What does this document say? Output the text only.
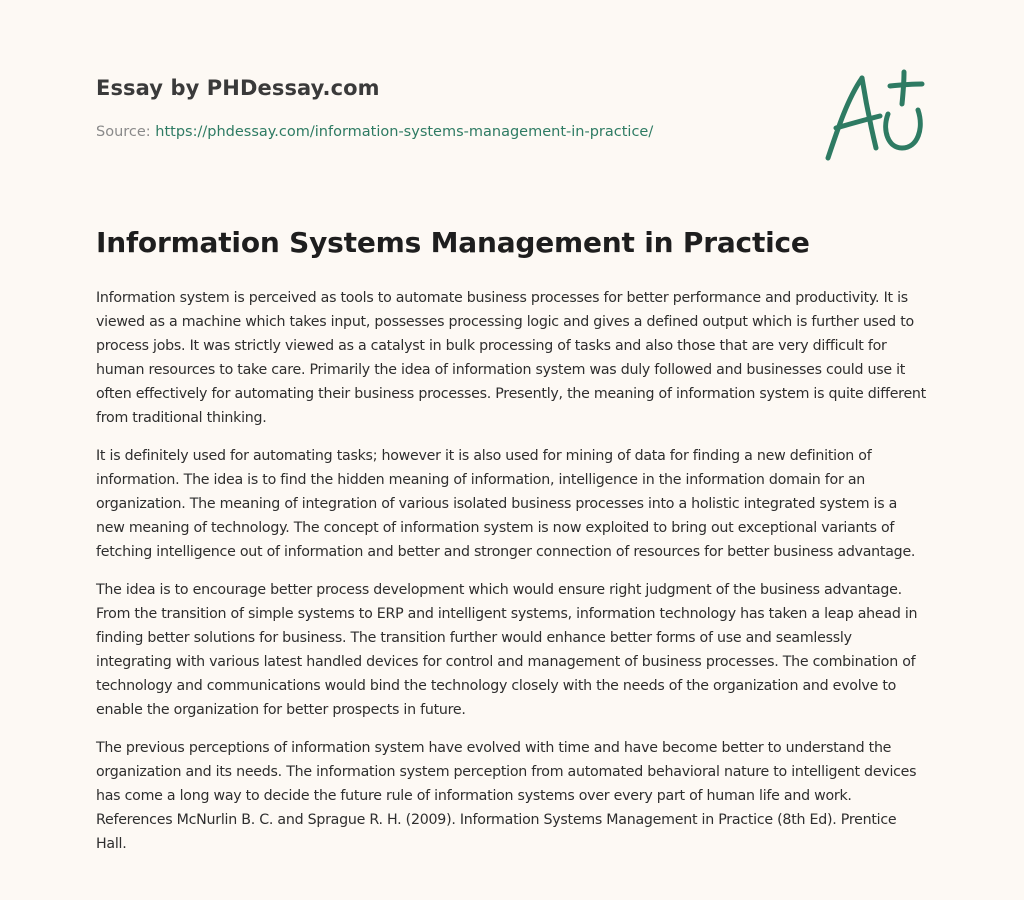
Essay by PHDessay.com
Source: https://phdessay.com/information-systems-management-in-practice/
Information Systems Management in Practice

Information system is perceived as tools to automate business processes for better performance and productivity. It is viewed as a machine which takes input, possesses processing logic and gives a defined output which is further used to process jobs. It was strictly viewed as a catalyst in bulk processing of tasks and also those that are very difficult for human resources to take care. Primarily the idea of information system was duly followed and businesses could use it often effectively for automating their business processes. Presently, the meaning of information system is quite different from traditional thinking.

It is definitely used for automating tasks; however it is also used for mining of data for finding a new definition of information. The idea is to find the hidden meaning of information, intelligence in the information domain for an organization. The meaning of integration of various isolated business processes into a holistic integrated system is a new meaning of technology. The concept of information system is now exploited to bring out exceptional variants of fetching intelligence out of information and better and stronger connection of resources for better business advantage.

The idea is to encourage better process development which would ensure right judgment of the business advantage. From the transition of simple systems to ERP and intelligent systems, information technology has taken a leap ahead in finding better solutions for business. The transition further would enhance better forms of use and seamlessly integrating with various latest handled devices for control and management of business processes. The combination of technology and communications would bind the technology closely with the needs of the organization and evolve to enable the organization for better prospects in future.

The previous perceptions of information system have evolved with time and have become better to understand the organization and its needs. The information system perception from automated behavioral nature to intelligent devices has come a long way to decide the future rule of information systems over every part of human life and work. References McNurlin B. C. and Sprague R. H. (2009). Information Systems Management in Practice (8th Ed). Prentice Hall.
